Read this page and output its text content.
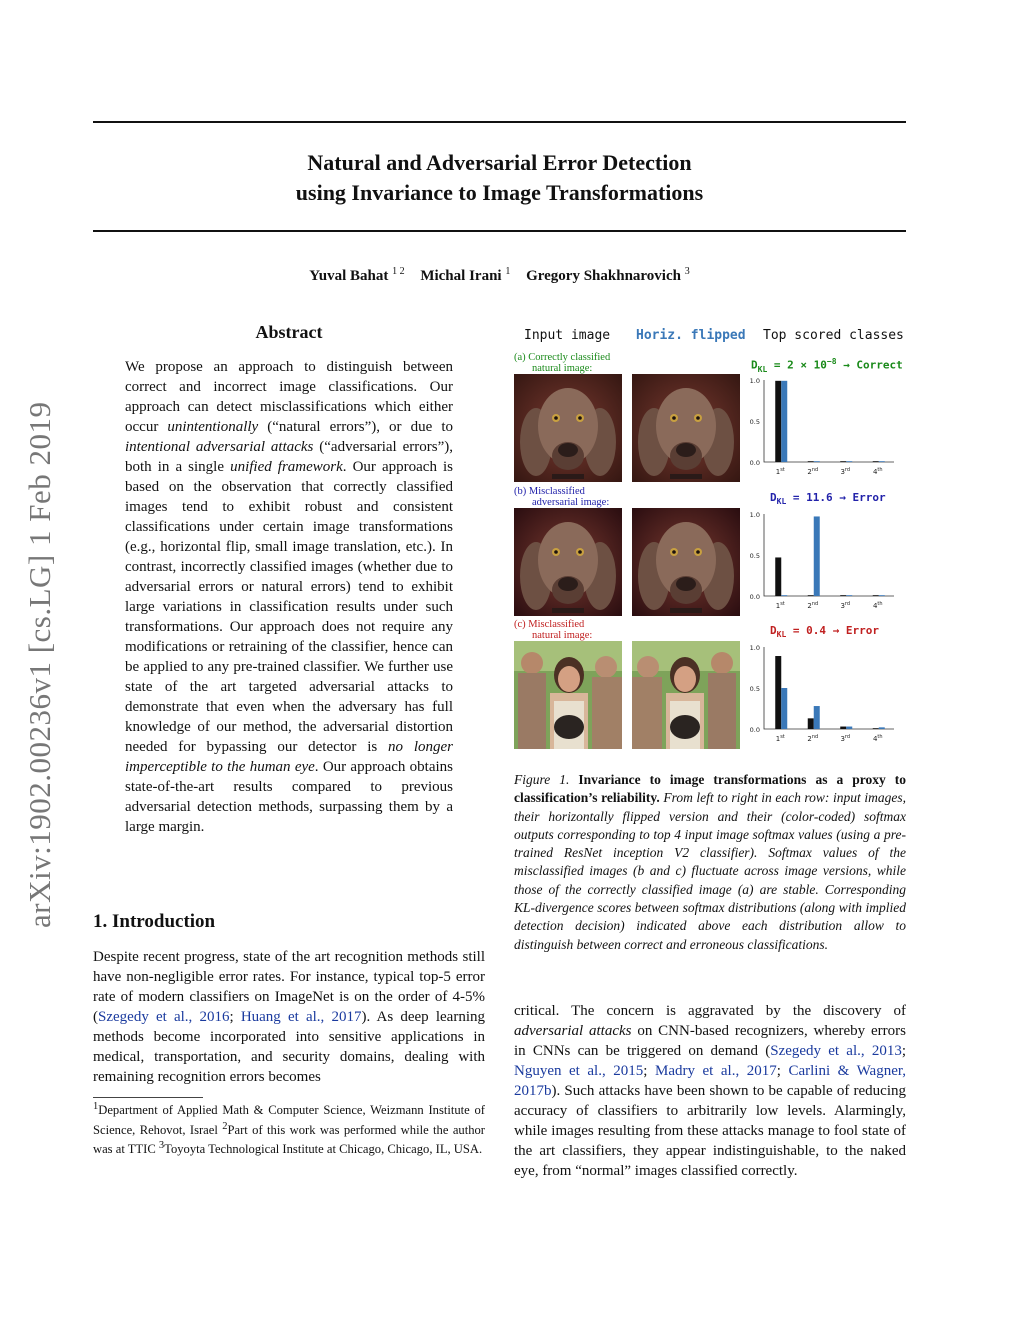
Natural and Adversarial Error Detection
using Invariance to Image Transformations
Yuval Bahat $^{1 2}$ Michal Irani $^1$ Gregory Shakhnarovich $^3$
arXiv:1902.00236v1 [cs.LG] 1 Feb 2019
Abstract
We propose an approach to distinguish between correct and incorrect image classifications. Our approach can detect misclassifications which either occur unintentionally (“natural errors”), or due to intentional adversarial attacks (“adversarial errors”), both in a single unified framework. Our approach is based on the observation that correctly classified images tend to exhibit robust and consistent classifications under certain image transformations (e.g., horizontal flip, small image translation, etc.). In contrast, incorrectly classified images (whether due to adversarial errors or natural errors) tend to exhibit large variations in classification results under such transformations. Our approach does not require any modifications or retraining of the classifier, hence can be applied to any pre-trained classifier. We further use state of the art targeted adversarial attacks to demonstrate that even when the adversary has full knowledge of our method, the adversarial distortion needed for bypassing our detector is no longer imperceptible to the human eye. Our approach obtains state-of-the-art results compared to previous adversarial detection methods, surpassing them by a large margin.
1. Introduction
Despite recent progress, state of the art recognition methods still have non-negligible error rates. For instance, typical top-5 error rate of modern classifiers on ImageNet is on the order of 4-5% (Szegedy et al., 2016; Huang et al., 2017). As deep learning methods become incorporated into sensitive applications in medical, transportation, and security domains, dealing with remaining recognition errors becomes
$^1$Department of Applied Math & Computer Science, Weizmann Institute of Science, Rehovot, Israel $^2$Part of this work was performed while the author was at TTIC $^3$Toyoyta Technological Institute at Chicago, Chicago, IL, USA.
Input image Horiz. flipped Top scored classes
(a) Correctly classified
natural image:	$D_{KL} = 2 \times 10^{-8}$ → Correct
1.0
0.5
0.0
1st	2nd	3rd	4th
(b) Misclassified
adversarial image:	$D_{KL} = 11.6$ → Error
1.0
0.5
0.0
1st	2nd	3rd	4th
(c) Misclassified
natural image:	$D_{KL} = 0.4$ → Error
1.0
0.5
0.0
1st	2nd	3rd	4th
Figure 1. Invariance to image transformations as a proxy to classification’s reliability. From left to right in each row: input images, their horizontally flipped version and their (color-coded) softmax outputs corresponding to top 4 input image softmax values (using a pre-trained ResNet inception V2 classifier). Softmax values of the misclassified images (b and c) fluctuate across image versions, while those of the correctly classified image (a) are stable. Corresponding KL-divergence scores between softmax distributions (along with implied detection decision) indicated above each distribution allow to distinguish between correct and erroneous classifications.
critical. The concern is aggravated by the discovery of adversarial attacks on CNN-based recognizers, whereby errors in CNNs can be triggered on demand (Szegedy et al., 2013; Nguyen et al., 2015; Madry et al., 2017; Carlini & Wagner, 2017b). Such attacks have been shown to be capable of reducing accuracy of classifiers to arbitrarily low levels. Alarmingly, while images resulting from these attacks manage to fool state of the art classifiers, they appear indistinguishable, to the naked eye, from “normal” images classified correctly.
